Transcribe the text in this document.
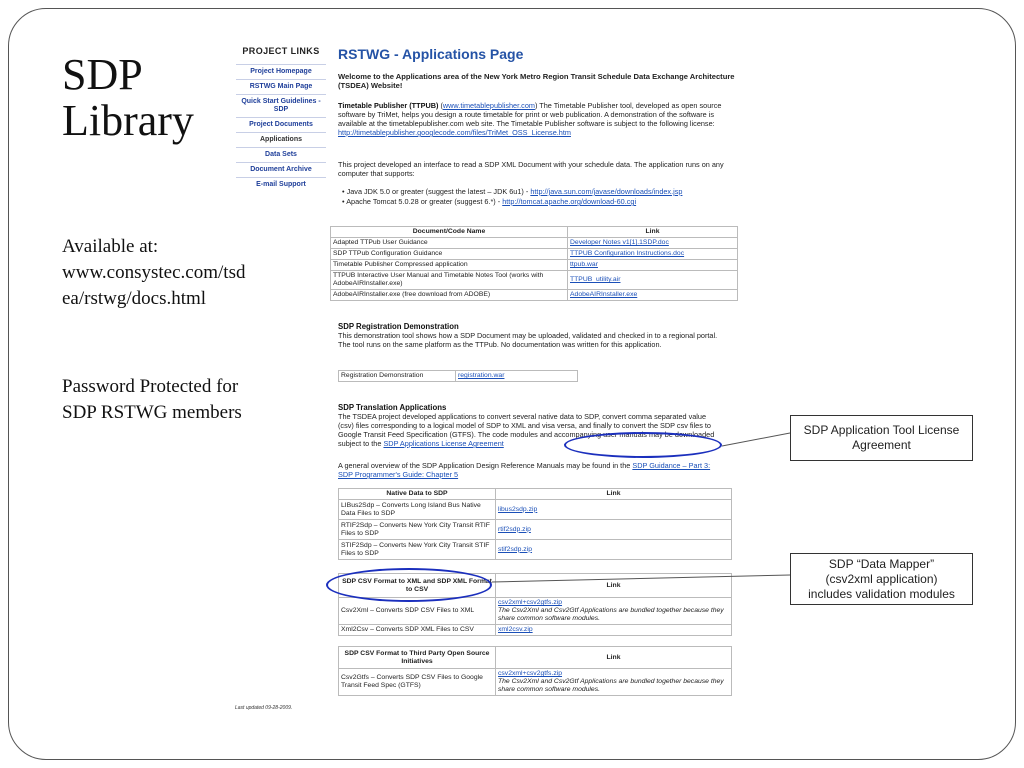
SDP
Library
Available at:
www.consystec.com/tsd
ea/rstwg/docs.html
Password Protected for
SDP RSTWG members
PROJECT LINKS
Project Homepage
RSTWG Main Page
Quick Start Guidelines - SDP
Project Documents
Applications
Data Sets
Document Archive
E-mail Support
RSTWG - Applications Page
Welcome to the Applications area of the New York Metro Region Transit Schedule Data Exchange Architecture (TSDEA) Website!
Timetable Publisher (TTPUB) (www.timetablepublisher.com) The Timetable Publisher tool, developed as open source software by TriMet, helps you design a route timetable for print or web publication. A demonstration of the software is available at the timetablepublisher.com web site. The Timetable Publisher software is subject to the following license: http://timetablepublisher.googlecode.com/files/TriMet_OSS_License.htm
This project developed an interface to read a SDP XML Document with your schedule data. The application runs on any computer that supports:
• Java JDK 5.0 or greater (suggest the latest – JDK 6u1) - http://java.sun.com/javase/downloads/index.jsp
• Apache Tomcat 5.0.28 or greater (suggest 6.*) - http://tomcat.apache.org/download-60.cgi
Document/Code Name	Link
Adapted TTPub User Guidance	Developer Notes v1[1].1SDP.doc
SDP TTPub Configuration Guidance	TTPUB Configuration Instructions.doc
Timetable Publisher Compressed application	ttpub.war
TTPUB Interactive User Manual and Timetable Notes Tool (works with AdobeAIRInstaller.exe)	TTPUB_utility.air
AdobeAIRInstaller.exe (free download from ADOBE)	AdobeAIRInstaller.exe
SDP Registration Demonstration
This demonstration tool shows how a SDP Document may be uploaded, validated and checked in to a regional portal. The tool runs on the same platform as the TTPub. No documentation was written for this application.
Registration Demonstration	registration.war
SDP Translation Applications
The TSDEA project developed applications to convert several native data to SDP, convert comma separated value (csv) files corresponding to a logical model of SDP to XML and visa versa, and finally to convert the SDP csv files to Google Transit Feed Specification (GTFS). The code modules and accompanying user manuals may be downloaded subject to the SDP Applications License Agreement
A general overview of the SDP Application Design Reference Manuals may be found in the SDP Guidance – Part 3: SDP Programmer's Guide: Chapter 5
Native Data to SDP	Link
LIBus2Sdp – Converts Long Island Bus Native Data Files to SDP	libus2sdp.zip
RTIF2Sdp – Converts New York City Transit RTIF Files to SDP	rtif2sdp.zip
STIF2Sdp – Converts New York City Transit STIF Files to SDP	stif2sdp.zip
SDP CSV Format to XML and SDP XML Format to CSV	Link
Csv2Xml – Converts SDP CSV Files to XML	csv2xml+csv2gtfs.zip
The Csv2Xml and Csv2Gtf Applications are bundled together because they share common software modules.

Xml2Csv – Converts SDP XML Files to CSV	xml2csv.zip
SDP CSV Format to Third Party Open Source Initiatives	Link
Csv2Gtfs – Converts SDP CSV Files to Google Transit Feed Spec (GTFS)	csv2xml+csv2gtfs.zip
The Csv2Xml and Csv2Gtf Applications are bundled together because they share common software modules.
Last updated 09-28-2009.
SDP Application Tool License Agreement
SDP “Data Mapper”
(csv2xml application)
includes validation modules
